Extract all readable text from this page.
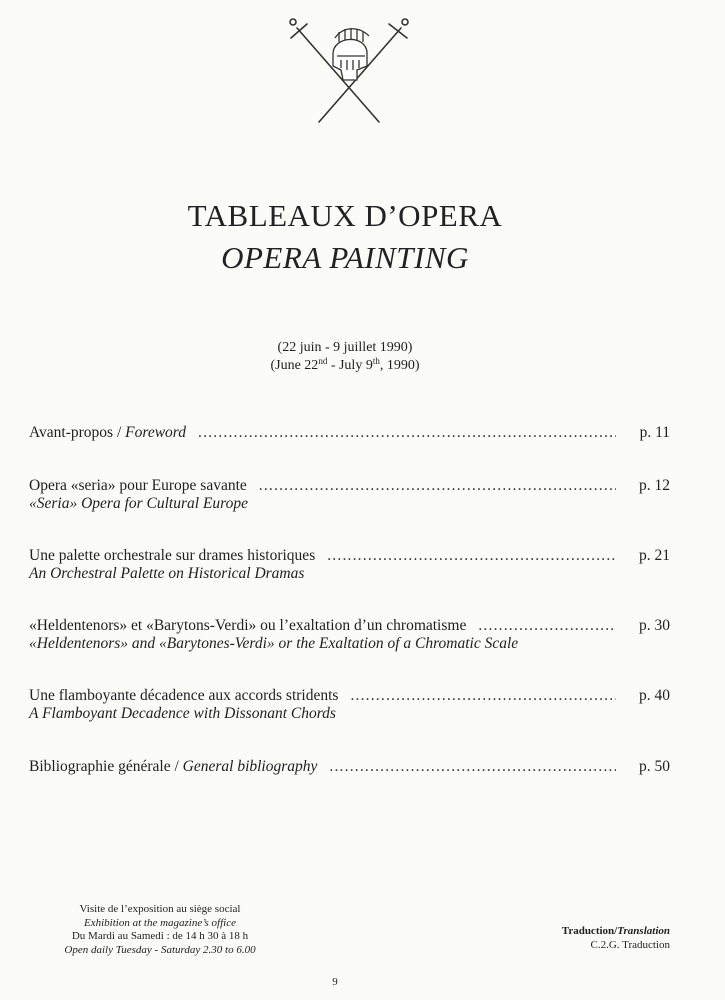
TABLEAUX D’OPERA
OPERA PAINTING
(22 juin - 9 juillet 1990)
(June 22nd - July 9th, 1990)
Avant-propos / Foreword .....	p. 11
Opera «seria» pour Europe savante .....	p. 12
«Seria» Opera for Cultural Europe
Une palette orchestrale sur drames historiques .....	p. 21
An Orchestral Palette on Historical Dramas
«Heldentenors» et «Barytons-Verdi» ou l’exaltation d’un chromatisme .....	p. 30
«Heldentenors» and «Barytones-Verdi» or the Exaltation of a Chromatic Scale
Une flamboyante décadence aux accords stridents .....	p. 40
A Flamboyant Decadence with Dissonant Chords
Bibliographie générale / General bibliography .....	p. 50
Visite de l’exposition au siège social
Exhibition at the magazine’s office
Du Mardi au Samedi : de 14 h 30 à 18 h
Open daily Tuesday - Saturday 2.30 to 6.00
Traduction/Translation
C.2.G. Traduction
9
